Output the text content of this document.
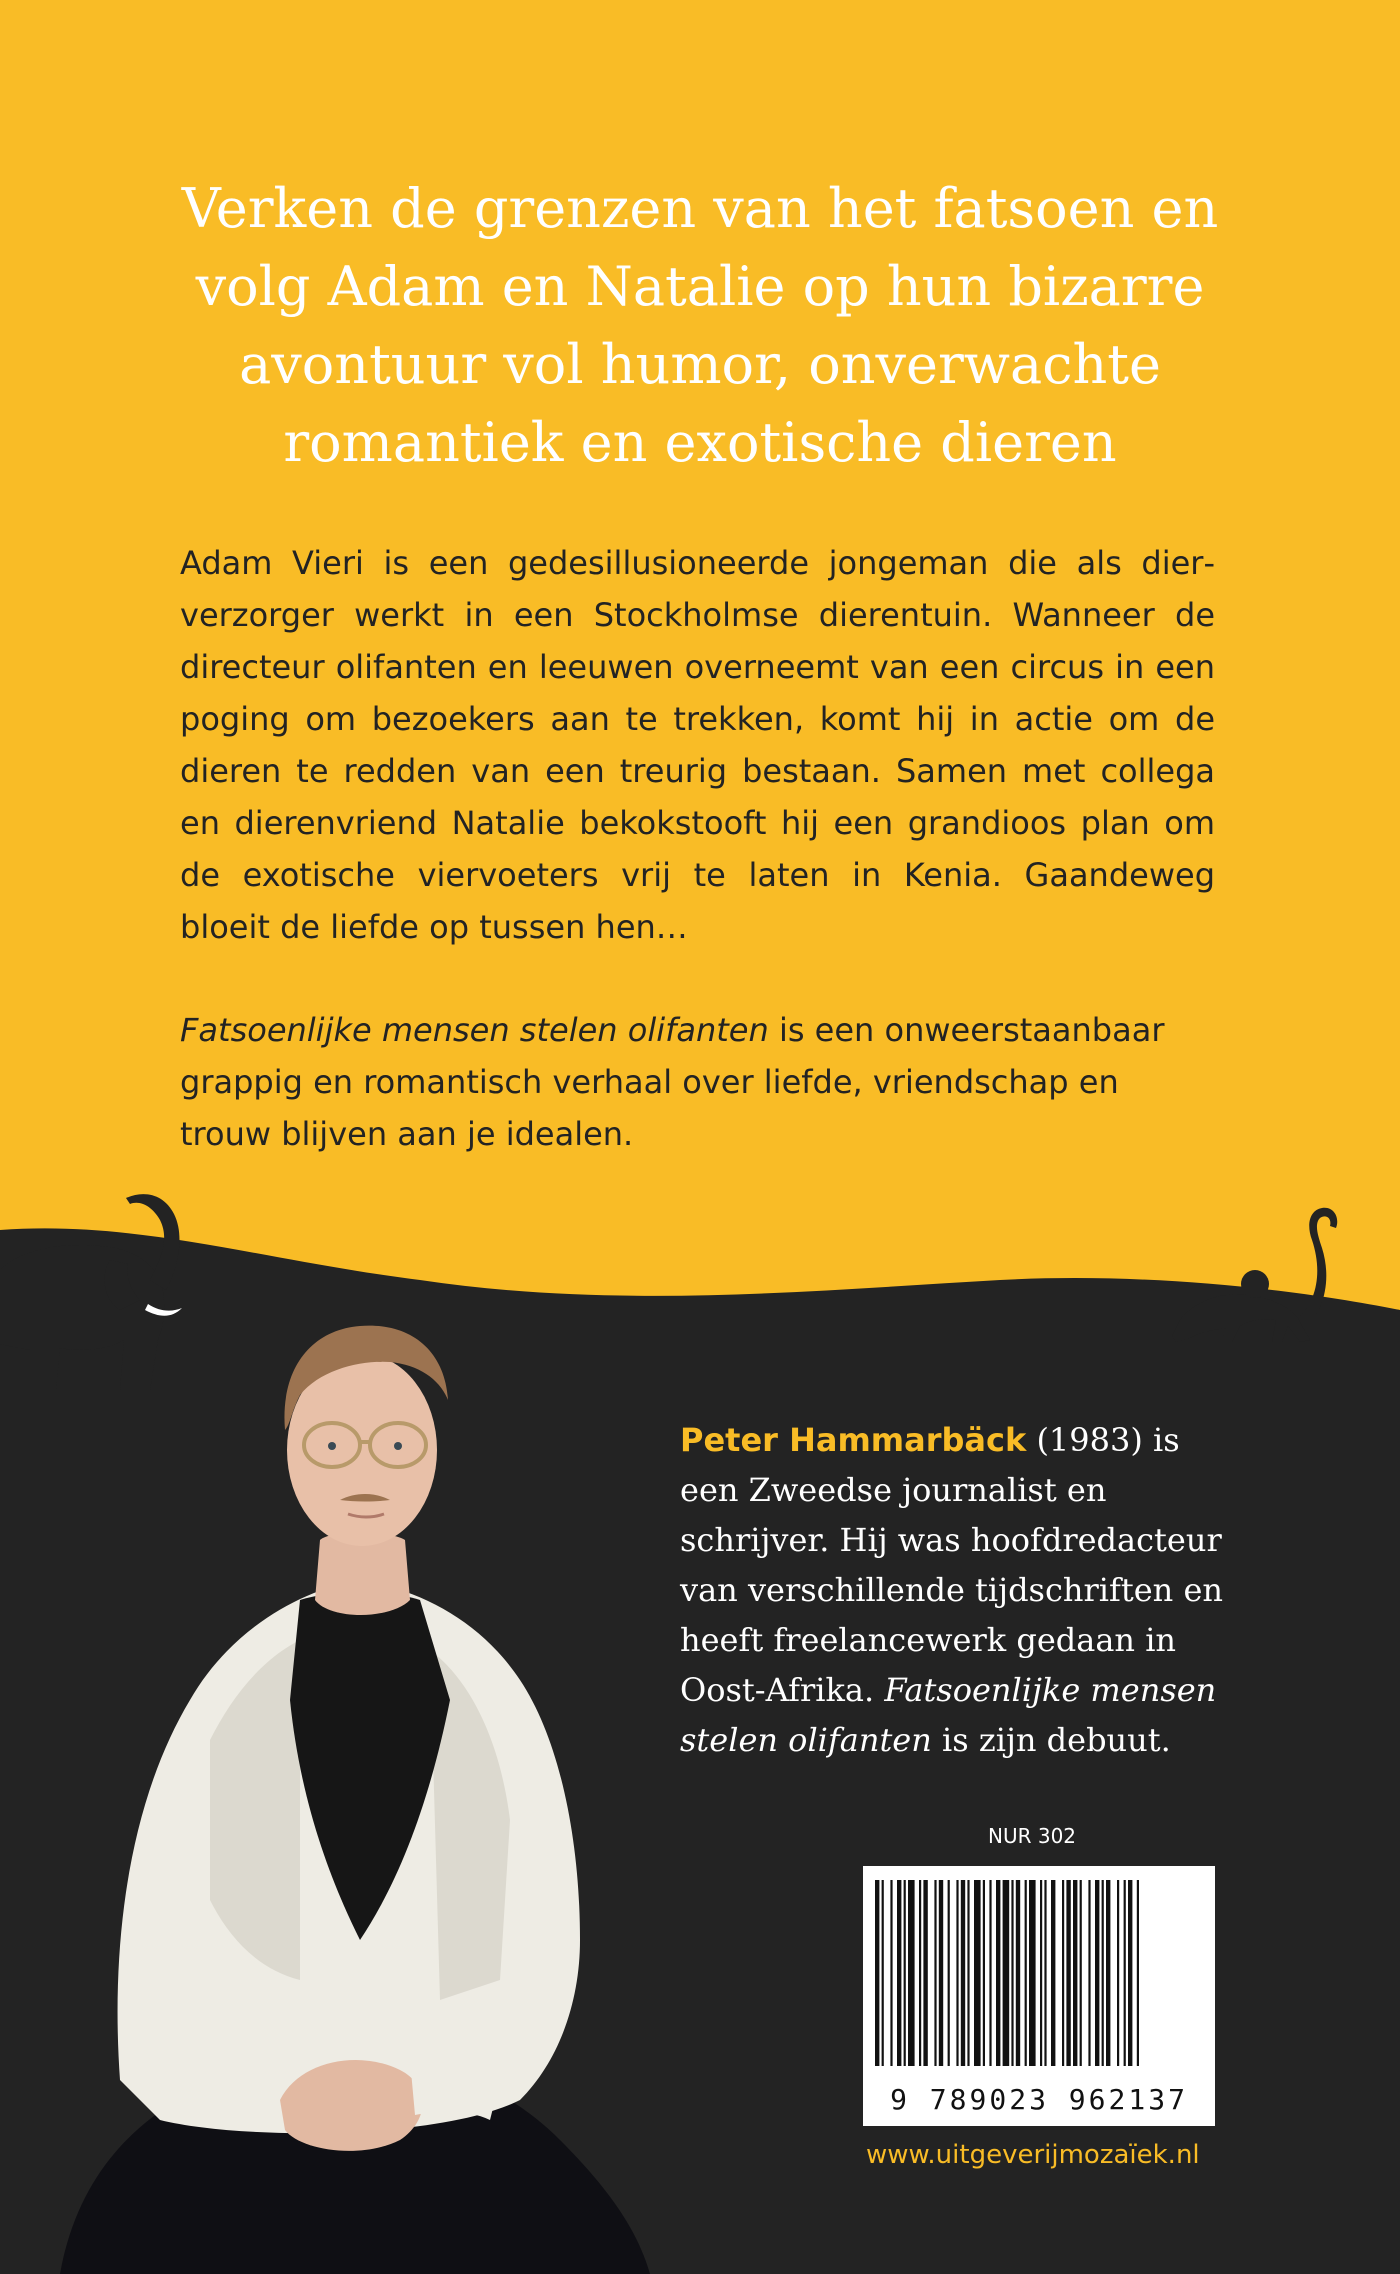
Verken de grenzen van het fatsoen en
volg Adam en Natalie op hun bizarre
avontuur vol humor, onverwachte
romantiek en exotische dieren

Adam Vieri is een gedesillusioneerde jongeman die als dierverzorger werkt in een Stockholmse dierentuin. Wanneer de directeur olifanten en leeuwen overneemt van een circus in een poging om bezoekers aan te trekken, komt hij in actie om de dieren te redden van een treurig bestaan. Samen met collega en dierenvriend Natalie bekokstooft hij een grandioos plan om de exotische viervoeters vrij te laten in Kenia. Gaandeweg bloeit de liefde op tussen hen…

Fatsoenlijke mensen stelen olifanten is een onweerstaanbaar grappig en romantisch verhaal over liefde, vriendschap en trouw blijven aan je idealen.

Peter Hammarbäck (1983) is een Zweedse journalist en schrijver. Hij was hoofdredacteur van verschillende tijdschriften en heeft freelancewerk gedaan in Oost-Afrika. Fatsoenlijke mensen stelen olifanten is zijn debuut.
NUR 302
9 789023 962137
www.uitgeverijmozaïek.nl
